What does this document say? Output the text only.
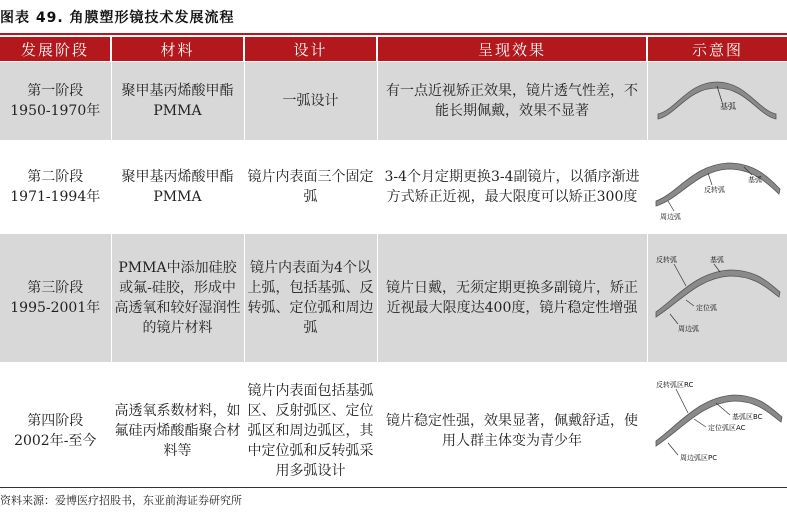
图表 49. 角膜塑形镜技术发展流程
发展阶段	材料	设计	呈现效果	示意图
第一阶段
1950-1970年	聚甲基丙烯酸甲酯PMMA	一弧设计	有一点近视矫正效果，镜片透气性差，不能长期佩戴，效果不显著	基弧

第二阶段
1971-1994年	聚甲基丙烯酸甲酯PMMA	镜片内表面三个固定弧	3-4个月定期更换3-4副镜片，以循序渐进方式矫正近视，最大限度可以矫正300度	基弧
反转弧
周边弧

第三阶段
1995-2001年	PMMA中添加硅胶或氟-硅胶，形成中高透氧和较好湿润性的镜片材料	镜片内表面为4个以上弧，包括基弧、反转弧、定位弧和周边弧	镜片日戴，无须定期更换多副镜片，矫正近视最大限度达400度，镜片稳定性增强	反转弧 基弧
定位弧
周边弧

第四阶段
2002年-至今	高透氧系数材料，如氟硅丙烯酸酯聚合材料等	镜片内表面包括基弧区、反射弧区、定位弧区和周边弧区，其中定位弧和反转弧采用多弧设计	镜片稳定性强，效果显著，佩戴舒适，使用人群主体变为青少年	反转弧区RC
基弧区BC
定位弧区AC
周边弧区PC
资料来源：爱博医疗招股书，东亚前海证券研究所
